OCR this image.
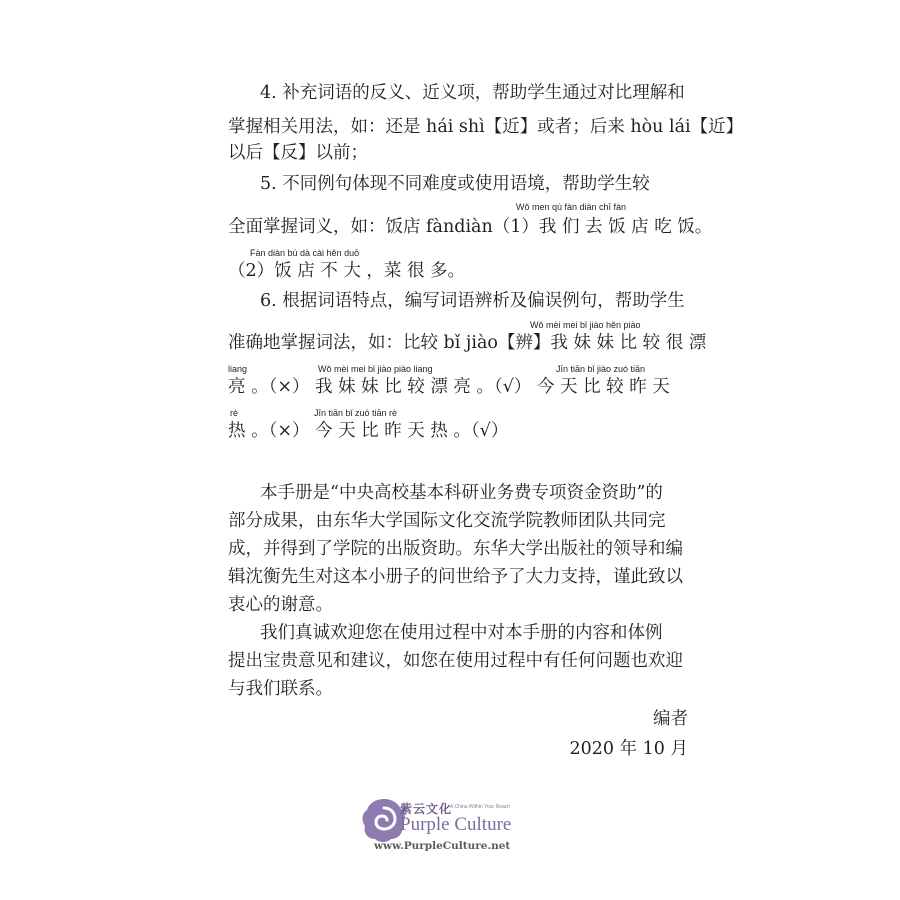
4. 补充词语的反义、近义项，帮助学生通过对比理解和
掌握相关用法，如：还是 hái shì【近】或者；后来 hòu lái【近】
以后【反】以前；
5. 不同例句体现不同难度或使用语境，帮助学生较
Wǒ men qù fàn diàn chī fàn
全面掌握词义，如：饭店 fàndiàn（1）我 们 去 饭 店 吃 饭。
Fàn diàn bú dà cài hěn duō
（2）饭 店 不 大 ，菜 很 多。
6. 根据词语特点，编写词语辨析及偏误例句，帮助学生
Wǒ mèi mei bǐ jiào hěn piào
准确地掌握词法，如：比较 bǐ jiào【辨】我 妹 妹 比 较 很 漂
liang	Wǒ mèi mei bǐ jiào piào liang	Jīn tiān bǐ jiào zuó tiān
亮 。（×） 我 妹 妹 比 较 漂 亮 。（√） 今 天 比 较 昨 天
rè	Jīn tiān bǐ zuó tiān rè
热 。（×） 今 天 比 昨 天 热 。（√）
本手册是“中央高校基本科研业务费专项资金资助”的
部分成果，由东华大学国际文化交流学院教师团队共同完
成，并得到了学院的出版资助。东华大学出版社的领导和编
辑沈衡先生对这本小册子的问世给予了大力支持，谨此致以
衷心的谢意。
我们真诚欢迎您在使用过程中对本手册的内容和体例
提出宝贵意见和建议，如您在使用过程中有任何问题也欢迎
与我们联系。
编者
2020 年 10 月
紫云文化
A China Within Your Reach
Purple Culture
www.PurpleCulture.net
